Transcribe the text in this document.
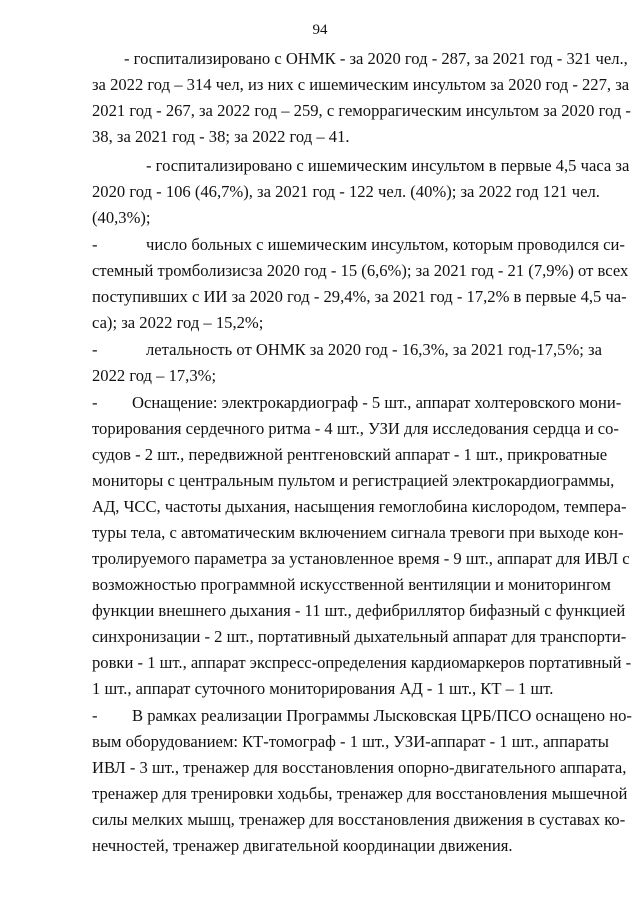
94
- госпитализировано с ОНМК - за 2020 год - 287, за 2021 год - 321 чел.,
за 2022 год – 314 чел, из них с ишемическим инсультом за 2020 год - 227, за
2021 год - 267, за 2022 год – 259, с геморрагическим инсультом за 2020 год -
38, за 2021 год - 38; за 2022 год – 41.
- госпитализировано с ишемическим инсультом в первые 4,5 часа за
2020 год - 106 (46,7%), за 2021 год - 122 чел. (40%); за 2022 год 121 чел.
(40,3%);
-	число больных с ишемическим инсультом, которым проводился си-
стемный тромболизисза 2020 год - 15 (6,6%); за 2021 год - 21 (7,9%) от всех
поступивших с ИИ за 2020 год - 29,4%, за 2021 год - 17,2% в первые 4,5 ча-
са); за 2022 год – 15,2%;
-	летальность от ОНМК за 2020 год - 16,3%, за 2021 год-17,5%; за
2022 год – 17,3%;
- Оснащение: электрокардиограф - 5 шт., аппарат холтеровского мони-
торирования сердечного ритма - 4 шт., УЗИ для исследования сердца и со-
судов - 2 шт., передвижной рентгеновский аппарат - 1 шт., прикроватные
мониторы с центральным пультом и регистрацией электрокардиограммы,
АД, ЧСС, частоты дыхания, насыщения гемоглобина кислородом, темпера-
туры тела, с автоматическим включением сигнала тревоги при выходе кон-
тролируемого параметра за установленное время - 9 шт., аппарат для ИВЛ с
возможностью программной искусственной вентиляции и мониторингом
функции внешнего дыхания - 11 шт., дефибриллятор бифазный с функцией
синхронизации - 2 шт., портативный дыхательный аппарат для транспорти-
ровки - 1 шт., аппарат экспресс-определения кардиомаркеров портативный -
1 шт., аппарат суточного мониторирования АД - 1 шт., КТ – 1 шт.
- В рамках реализации Программы Лысковская ЦРБ/ПСО оснащено но-
вым оборудованием: КТ-томограф - 1 шт., УЗИ-аппарат - 1 шт., аппараты
ИВЛ - 3 шт., тренажер для восстановления опорно-двигательного аппарата,
тренажер для тренировки ходьбы, тренажер для восстановления мышечной
силы мелких мышц, тренажер для восстановления движения в суставах ко-
нечностей, тренажер двигательной координации движения.
